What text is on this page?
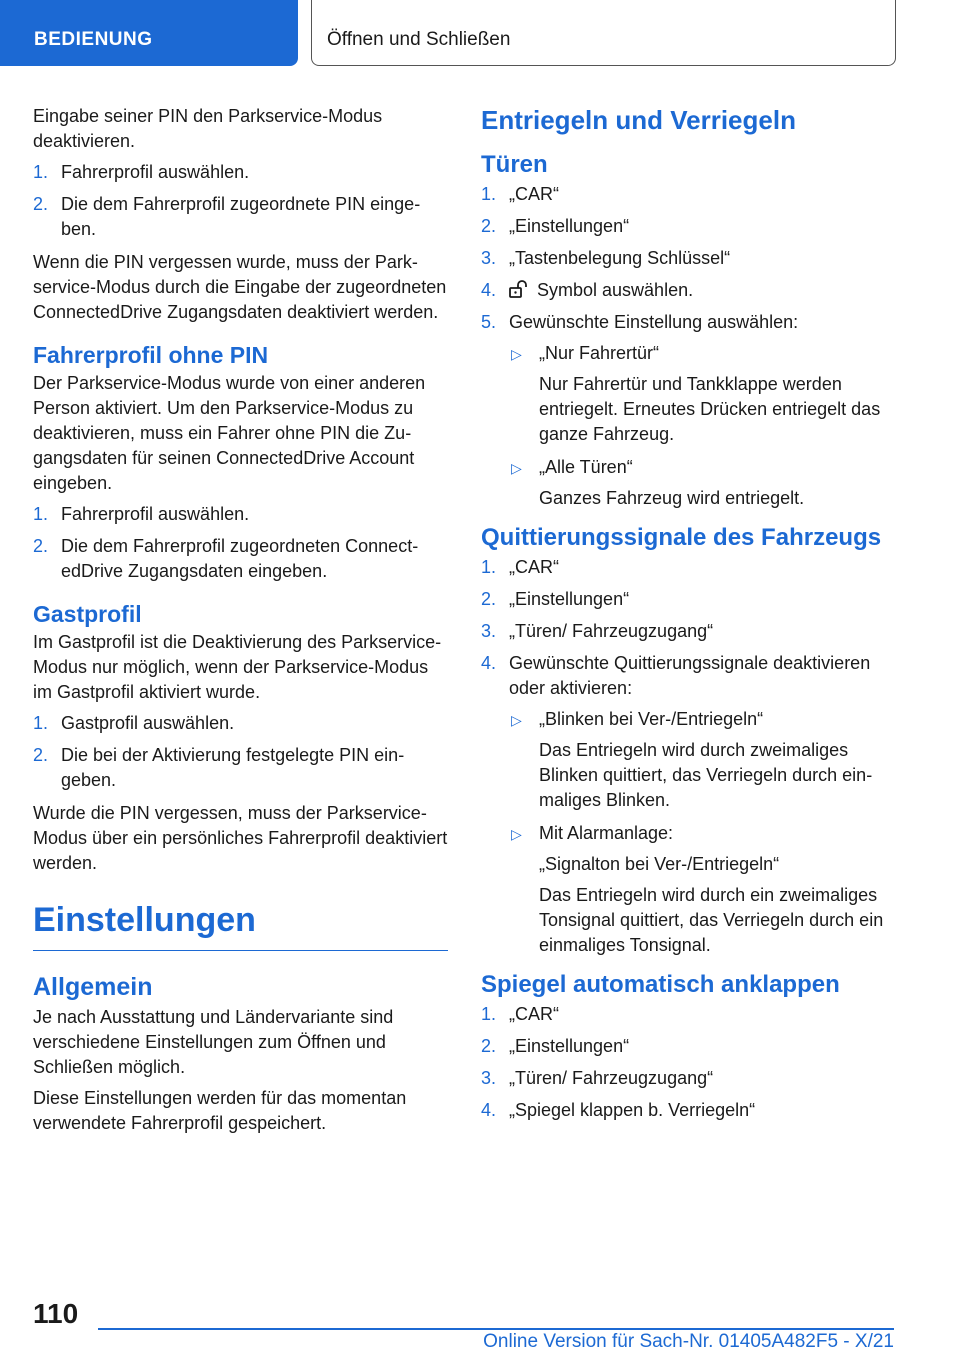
BEDIENUNG	Öffnen und Schließen

Eingabe seiner PIN den Parkservice-Modus deaktivieren.

1. Fahrerprofil auswählen.
2. Die dem Fahrerprofil zugeordnete PIN eingeben.

Wenn die PIN vergessen wurde, muss der Parkservice-Modus durch die Eingabe der zugeordneten ConnectedDrive Zugangsdaten deaktiviert werden.

Fahrerprofil ohne PIN

Der Parkservice-Modus wurde von einer anderen Person aktiviert. Um den Parkservice-Modus zu deaktivieren, muss ein Fahrer ohne PIN die Zugangsdaten für seinen ConnectedDrive Account eingeben.

1. Fahrerprofil auswählen.
2. Die dem Fahrerprofil zugeordneten ConnectedDrive Zugangsdaten eingeben.
Gastprofil

Im Gastprofil ist die Deaktivierung des Parkservice-Modus nur möglich, wenn der Parkservice-Modus im Gastprofil aktiviert wurde.

1. Gastprofil auswählen.
2. Die bei der Aktivierung festgelegte PIN eingeben.

Wurde die PIN vergessen, muss der Parkservice-Modus über ein persönliches Fahrerprofil deaktiviert werden.

Einstellungen
Allgemein

Je nach Ausstattung und Ländervariante sind verschiedene Einstellungen zum Öffnen und Schließen möglich.

Diese Einstellungen werden für das momentan verwendete Fahrerprofil gespeichert.

Entriegeln und Verriegeln
Türen
1. „CAR“
2. „Einstellungen“
3. „Tastenbelegung Schlüssel“
4. Symbol auswählen.
5. Gewünschte Einstellung auswählen:
▷ „Nur Fahrertür“
Nur Fahrertür und Tankklappe werden entriegelt. Erneutes Drücken entriegelt das ganze Fahrzeug.
▷ „Alle Türen“
Ganzes Fahrzeug wird entriegelt.
Quittierungssignale des Fahrzeugs
1. „CAR“
2. „Einstellungen“
3. „Türen/ Fahrzeugzugang“
4. Gewünschte Quittierungssignale deaktivieren oder aktivieren:
▷ „Blinken bei Ver-/Entriegeln“
Das Entriegeln wird durch zweimaliges Blinken quittiert, das Verriegeln durch einmaliges Blinken.
▷ Mit Alarmanlage:
„Signalton bei Ver-/Entriegeln“
Das Entriegeln wird durch ein zweimaliges Tonsignal quittiert, das Verriegeln durch ein einmaliges Tonsignal.
Spiegel automatisch anklappen
1. „CAR“
2. „Einstellungen“
3. „Türen/ Fahrzeugzugang“
4. „Spiegel klappen b. Verriegeln“
110
Online Version für Sach-Nr. 01405A482F5 - X/21
